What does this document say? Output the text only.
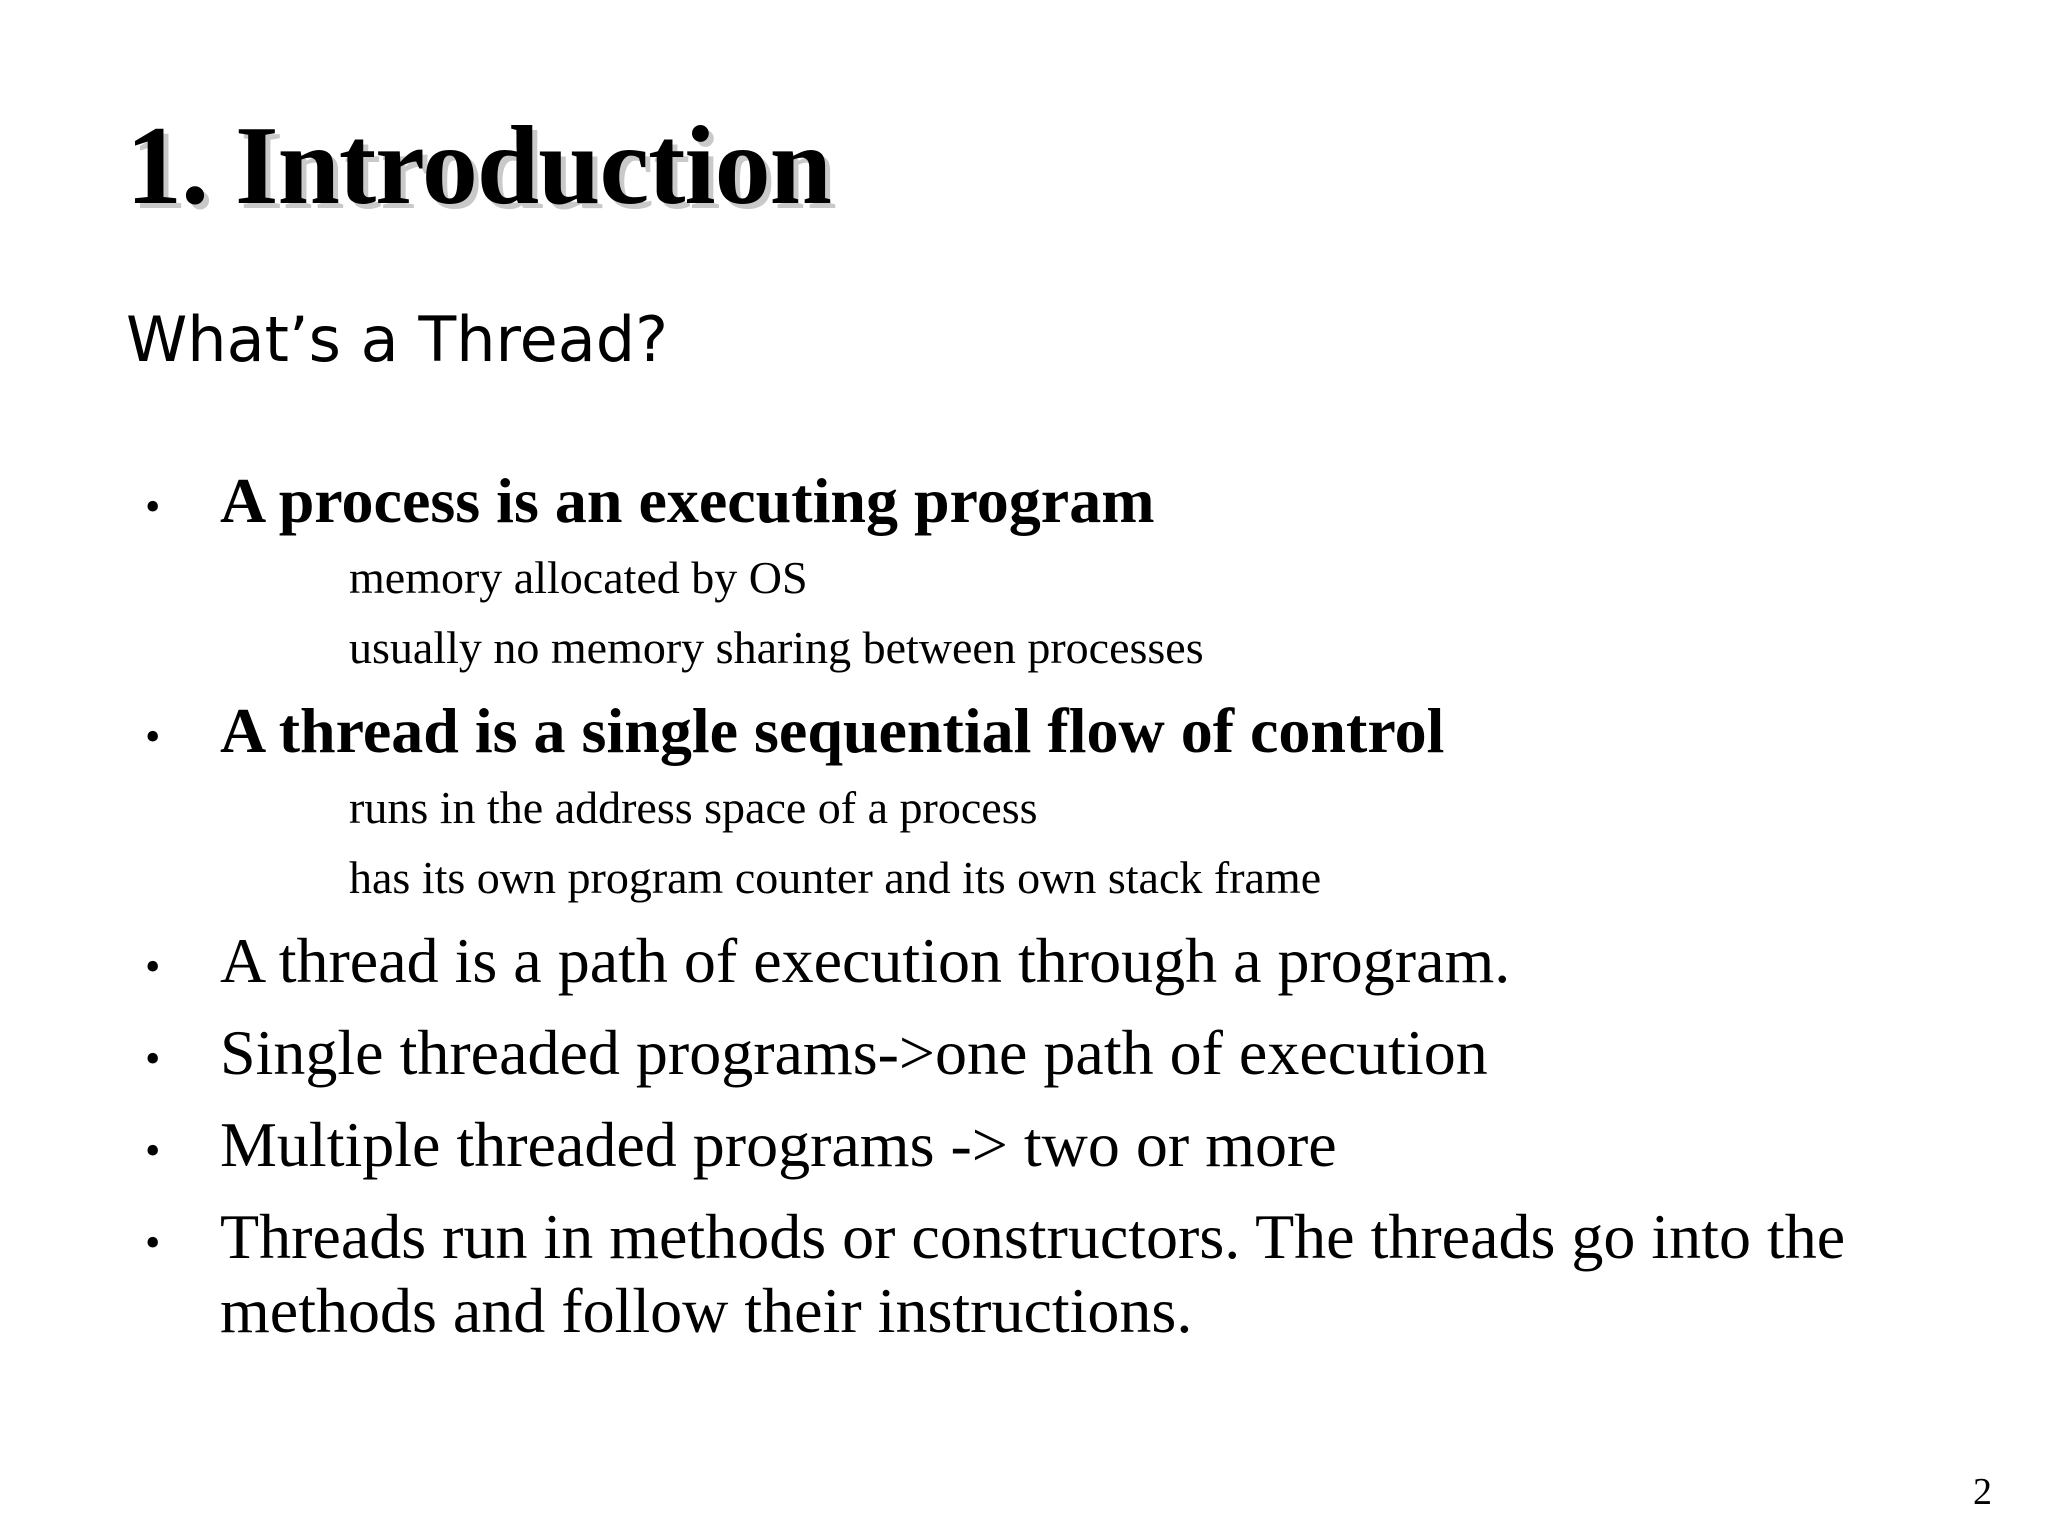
1. Introduction
What’s a Thread?
• A process is an executing program
memory allocated by OS
usually no memory sharing between processes
• A thread is a single sequential flow of control
runs in the address space of a process
has its own program counter and its own stack frame
• A thread is a path of execution through a program.
• Single threaded programs->one path of execution
• Multiple threaded programs -> two or more
• Threads run in methods or constructors. The threads go into the methods and follow their instructions.
2
